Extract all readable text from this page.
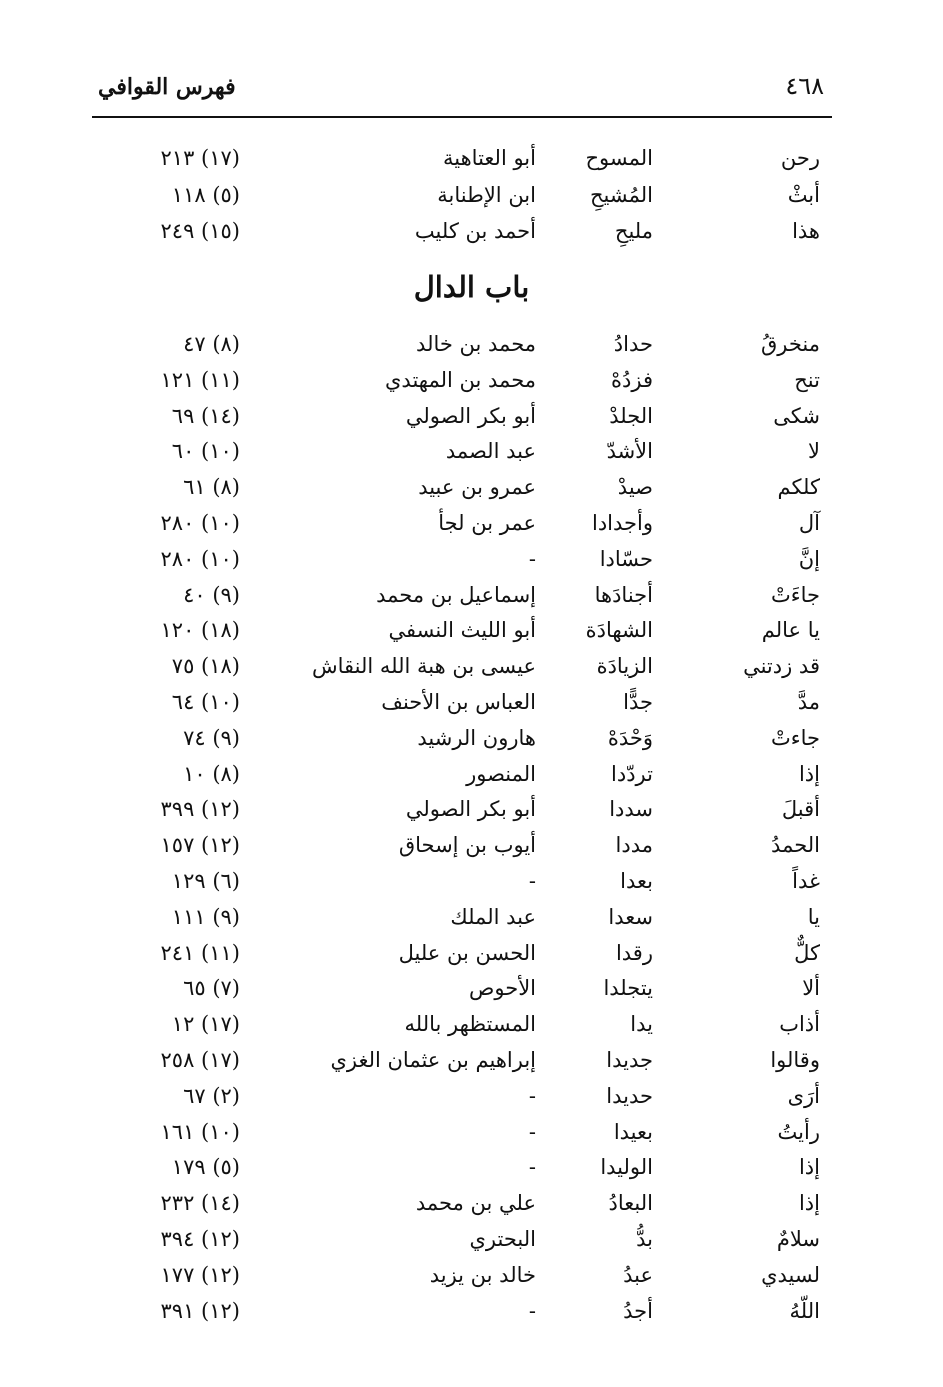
٤٦٨
فهرس القوافي
رحن
المسوح
أبو العتاهية
(١٧) ٢١٣
أبثْ
المُشيحِ
ابن الإطنابة
(٥) ١١٨
هذا
مليحِ
أحمد بن كليب
(١٥) ٢٤٩
باب الدال
منخرقُ
حدادُ
محمد بن خالد
(٨) ٤٧
تنح
فزدُهْ
محمد بن المهتدي
(١١) ١٢١
شكى
الجلدْ
أبو بكر الصولي
(١٤) ٦٩
لا
الأشدّ
عبد الصمد
(١٠) ٦٠
كلكم
صيدْ
عمرو بن عبيد
(٨) ٦١
آل
وأجدادا
عمر بن لجأ
(١٠) ٢٨٠
إنَّ
حسّادا
-
(١٠) ٢٨٠
جاءَتْ
أجنادَها
إسماعيل بن محمد
(٩) ٤٠
يا عالم
الشهادَة
أبو الليث النسفي
(١٨) ١٢٠
قد زدتني
الزيادَة
عيسى بن هبة الله النقاش
(١٨) ٧٥
مدَّ
جدًّا
العباس بن الأحنف
(١٠) ٦٤
جاءتْ
وَحْدَهْ
هارون الرشيد
(٩) ٧٤
إذا
تردّدا
المنصور
(٨) ١٠
أقبلَ
سددا
أبو بكر الصولي
(١٢) ٣٩٩
الحمدُ
مددا
أيوب بن إسحاق
(١٢) ١٥٧
غداً
بعدا
-
(٦) ١٢٩
يا
سعدا
عبد الملك
(٩) ١١١
كلٌّ
رقدا
الحسن بن عليل
(١١) ٢٤١
ألا
يتجلدا
الأحوص
(٧) ٦٥
أذاب
يدا
المستظهر بالله
(١٧) ١٢
وقالوا
جديدا
إبراهيم بن عثمان الغزي
(١٧) ٢٥٨
أرَى
حديدا
-
(٢) ٦٧
رأيتُ
بعيدا
-
(١٠) ١٦١
إذا
الوليدا
-
(٥) ١٧٩
إذا
البعادُ
علي بن محمد
(١٤) ٢٣٢
سلامٌ
بدُّ
البحتري
(١٢) ٣٩٤
لسيدي
عبدُ
خالد بن يزيد
(١٢) ١٧٧
اللّهُ
أجدُ
-
(١٢) ٣٩١
